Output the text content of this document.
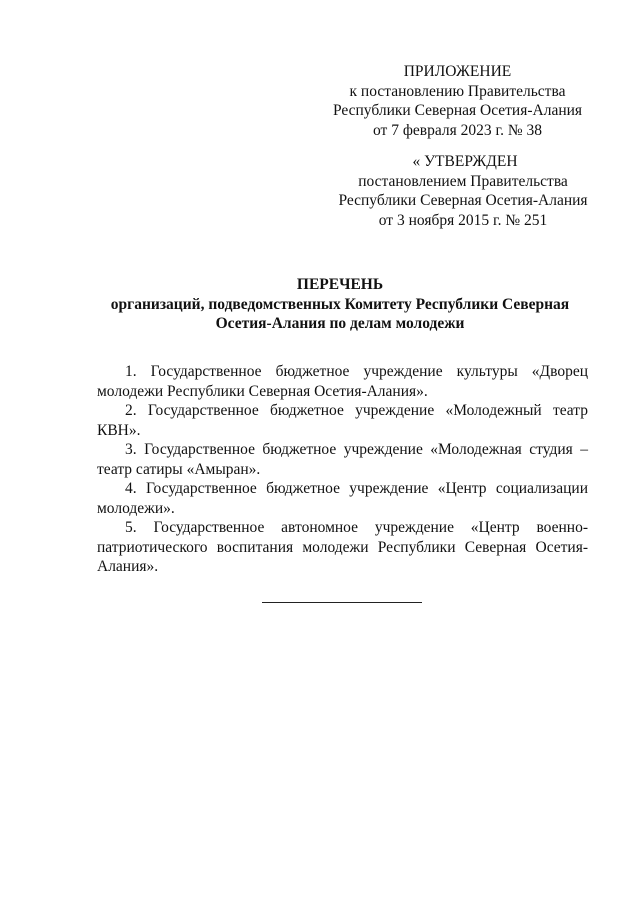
ПРИЛОЖЕНИЕ
к постановлению Правительства
Республики Северная Осетия-Алания
от 7 февраля 2023 г. № 38
« УТВЕРЖДЕН
постановлением Правительства
Республики Северная Осетия-Алания
от 3 ноября 2015 г. № 251
ПЕРЕЧЕНЬ
организаций, подведомственных Комитету Республики Северная
Осетия-Алания по делам молодежи

1. Государственное бюджетное учреждение культуры «Дворец молодежи Республики Северная Осетия-Алания».

2. Государственное бюджетное учреждение «Молодежный театр КВН».

3. Государственное бюджетное учреждение «Молодежная студия – театр сатиры «Амыран».

4. Государственное бюджетное учреждение «Центр социализации молодежи».

5. Государственное автономное учреждение «Центр военно-патриотического воспитания молодежи Республики Северная Осетия-Алания».
